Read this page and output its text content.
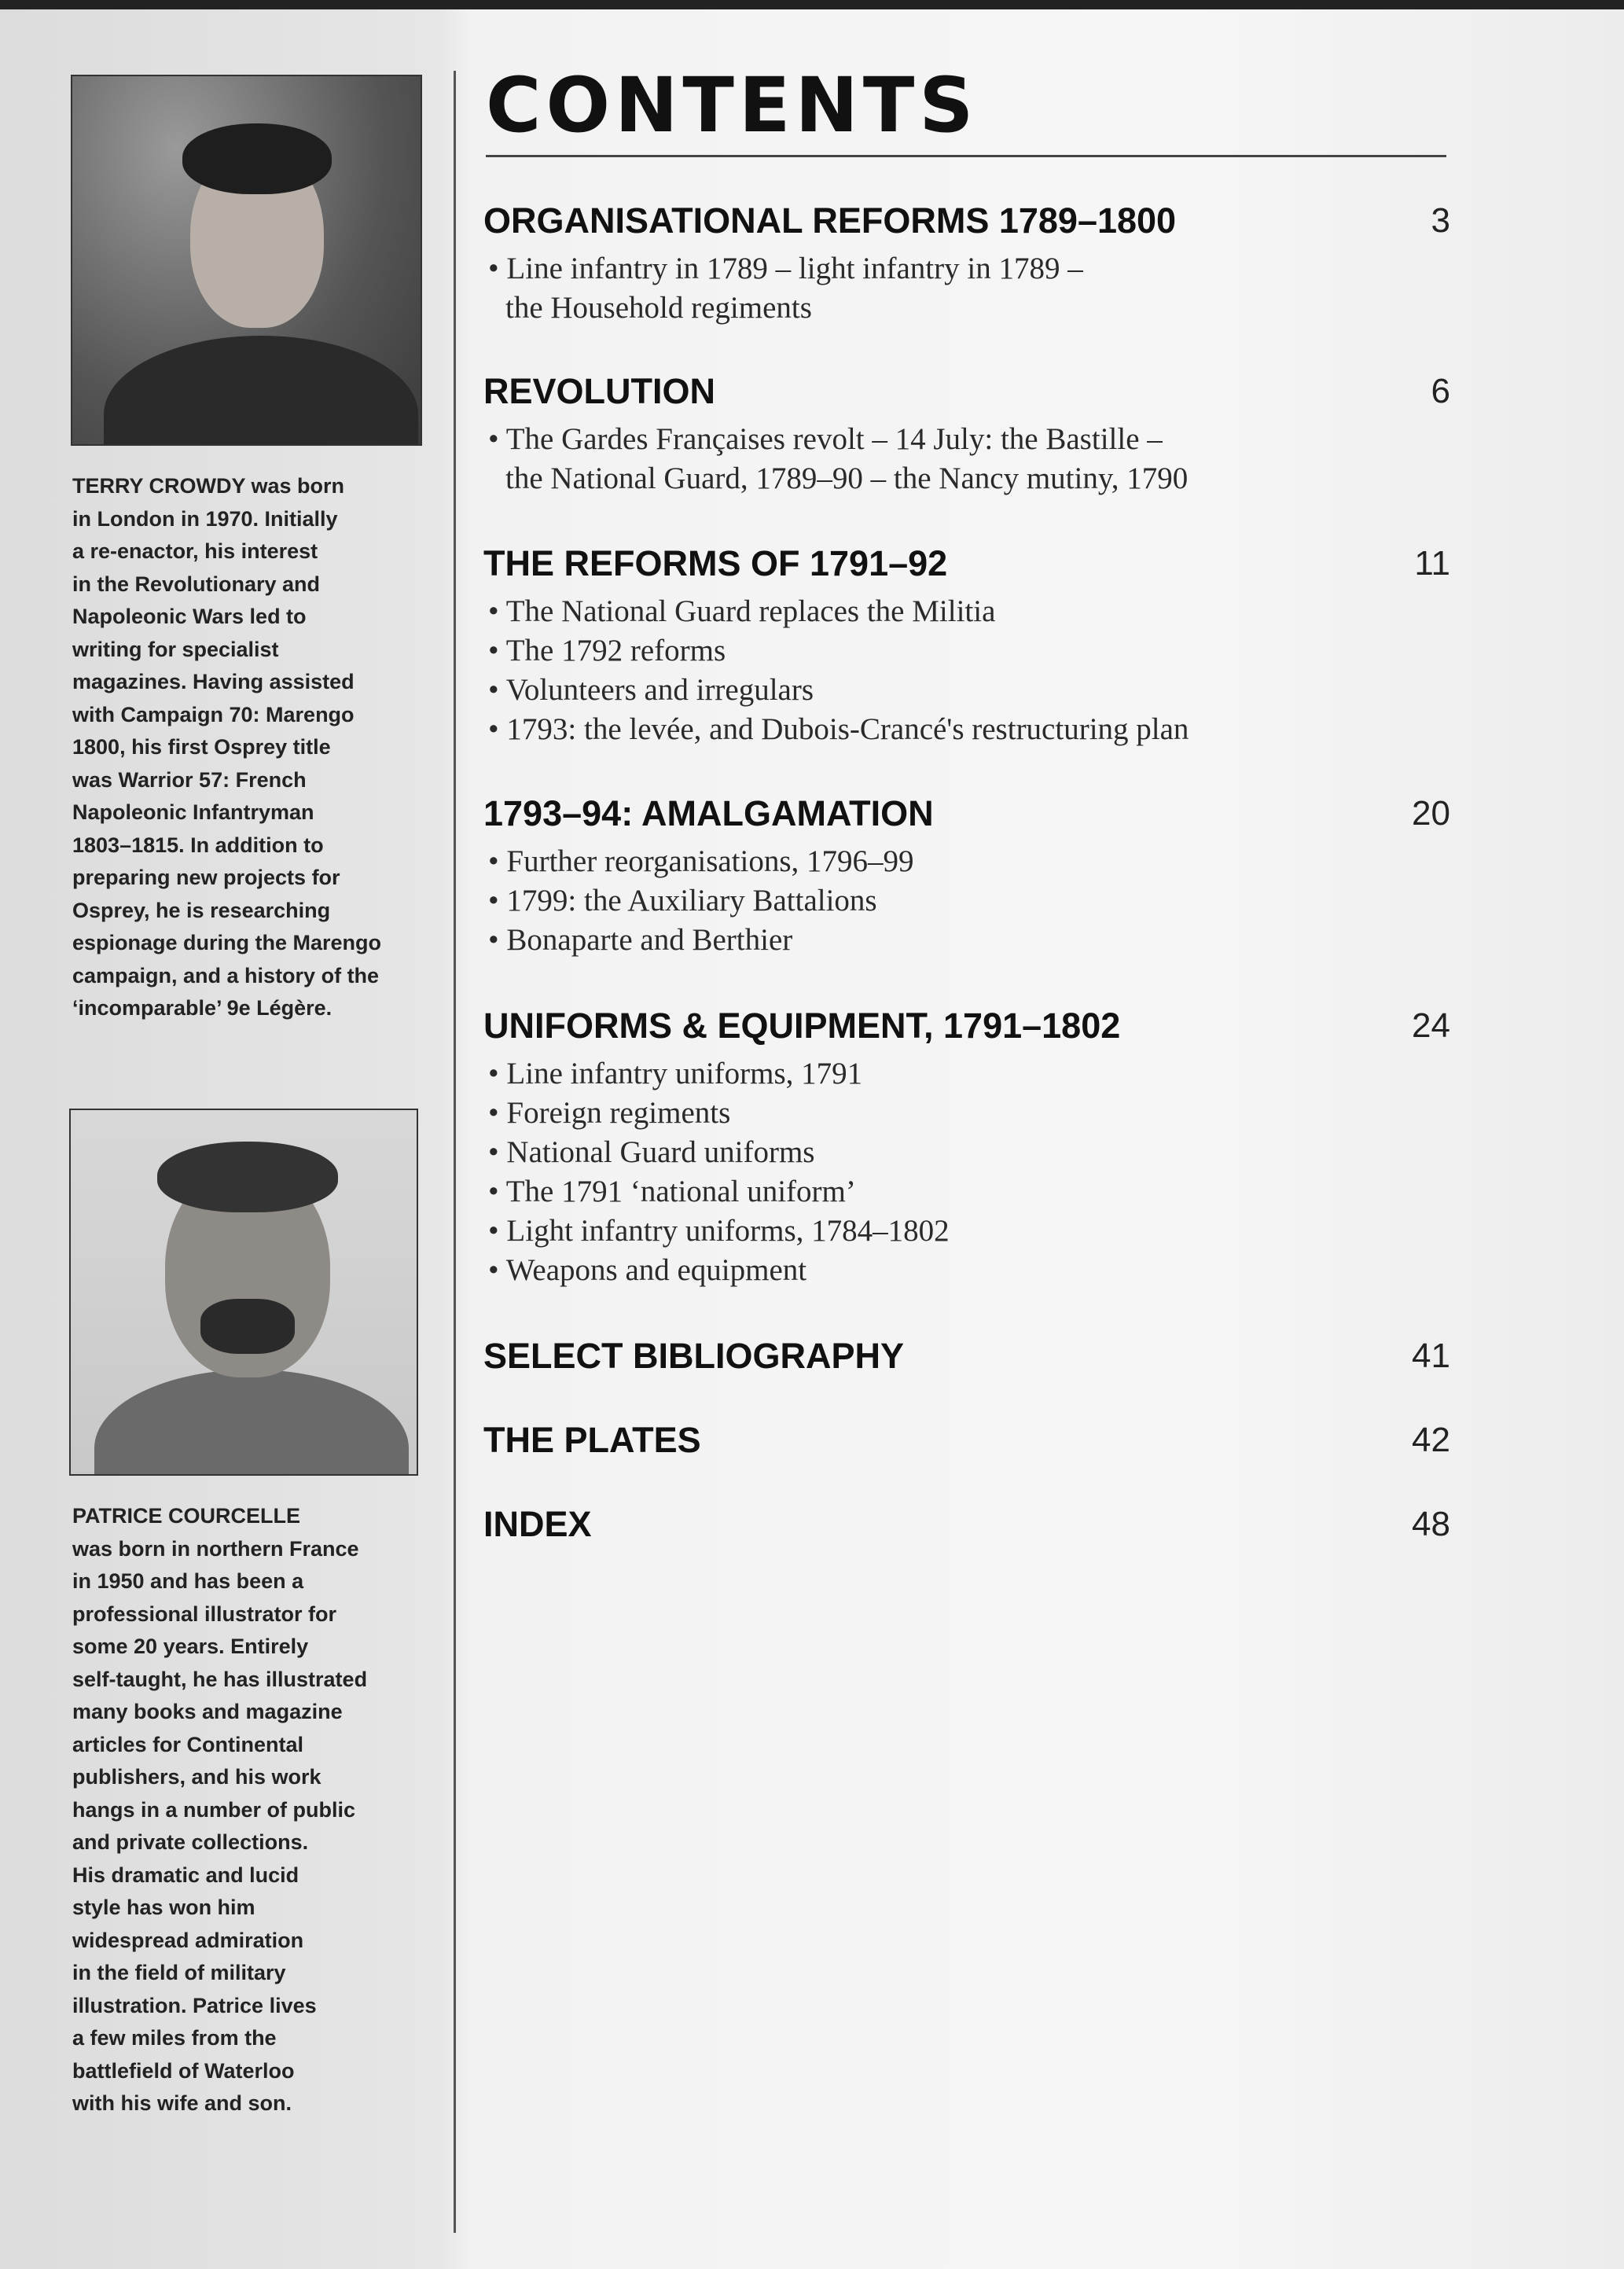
TERRY CROWDY was born
in London in 1970. Initially
a re-enactor, his interest
in the Revolutionary and
Napoleonic Wars led to
writing for specialist
magazines. Having assisted
with Campaign 70: Marengo
1800, his first Osprey title
was Warrior 57: French
Napoleonic Infantryman
1803–1815. In addition to
preparing new projects for
Osprey, he is researching
espionage during the Marengo
campaign, and a history of the
‘incomparable’ 9e Légère.
PATRICE COURCELLE
was born in northern France
in 1950 and has been a
professional illustrator for
some 20 years. Entirely
self-taught, he has illustrated
many books and magazine
articles for Continental
publishers, and his work
hangs in a number of public
and private collections.
His dramatic and lucid
style has won him
widespread admiration
in the field of military
illustration. Patrice lives
a few miles from the
battlefield of Waterloo
with his wife and son.
CONTENTS
ORGANISATIONAL REFORMS 1789–1800	3
• Line infantry in 1789 – light infantry in 1789 –
the Household regiments
REVOLUTION	6
• The Gardes Françaises revolt – 14 July: the Bastille –
the National Guard, 1789–90 – the Nancy mutiny, 1790
THE REFORMS OF 1791–92	11
• The National Guard replaces the Militia
• The 1792 reforms
• Volunteers and irregulars
• 1793: the levée, and Dubois-Crancé's restructuring plan
1793–94: AMALGAMATION	20
• Further reorganisations, 1796–99
• 1799: the Auxiliary Battalions
• Bonaparte and Berthier
UNIFORMS & EQUIPMENT, 1791–1802	24
• Line infantry uniforms, 1791
• Foreign regiments
• National Guard uniforms
• The 1791 ‘national uniform’
• Light infantry uniforms, 1784–1802
• Weapons and equipment
SELECT BIBLIOGRAPHY	41
THE PLATES	42
INDEX	48
